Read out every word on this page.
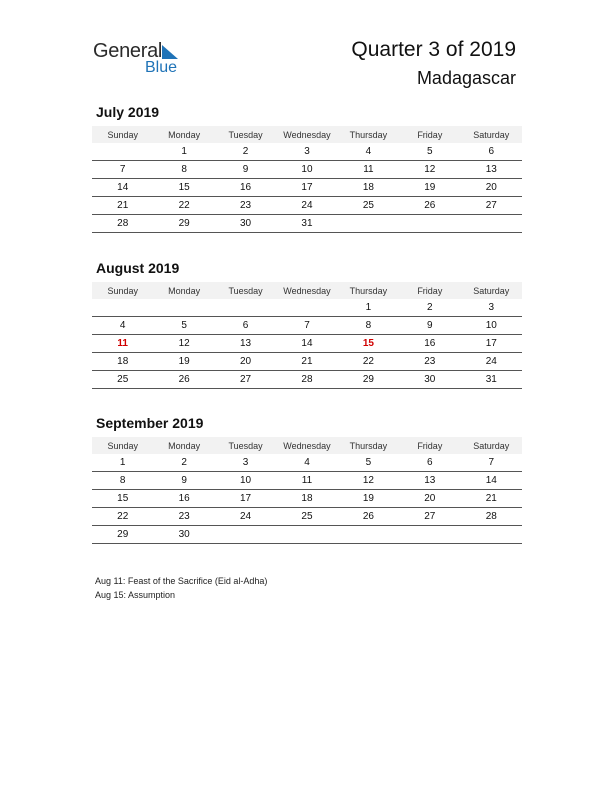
General
Blue
Quarter 3 of 2019
Madagascar
July 2019
Sunday	Monday	Tuesday	Wednesday	Thursday	Friday	Saturday
	1	2	3	4	5	6
7	8	9	10	11	12	13
14	15	16	17	18	19	20
21	22	23	24	25	26	27
28	29	30	31			
August 2019
Sunday	Monday	Tuesday	Wednesday	Thursday	Friday	Saturday
				1	2	3
4	5	6	7	8	9	10
11	12	13	14	15	16	17
18	19	20	21	22	23	24
25	26	27	28	29	30	31
September 2019
Sunday	Monday	Tuesday	Wednesday	Thursday	Friday	Saturday
1	2	3	4	5	6	7
8	9	10	11	12	13	14
15	16	17	18	19	20	21
22	23	24	25	26	27	28
29	30					
Aug 11: Feast of the Sacrifice (Eid al-Adha)
Aug 15: Assumption
